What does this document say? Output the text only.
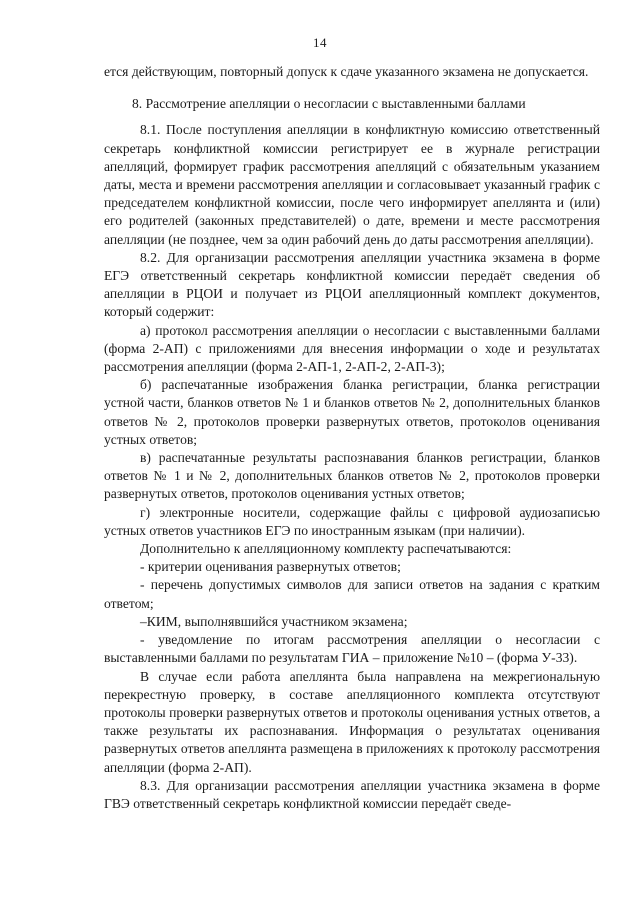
14

ется действующим, повторный допуск к сдаче указанного экзамена не допускается.

8. Рассмотрение апелляции о несогласии с выставленными баллами

8.1. После поступления апелляции в конфликтную комиссию ответственный секретарь конфликтной комиссии регистрирует ее в журнале регистрации апелляций, формирует график рассмотрения апелляций с обязательным указанием даты, места и времени рассмотрения апелляции и согласовывает указанный график с председателем конфликтной комиссии, после чего информирует апеллянта и (или) его родителей (законных представителей) о дате, времени и месте рассмотрения апелляции (не позднее, чем за один рабочий день до даты рассмотрения апелляции).

8.2. Для организации рассмотрения апелляции участника экзамена в форме ЕГЭ ответственный секретарь конфликтной комиссии передаёт сведения об апелляции в РЦОИ и получает из РЦОИ апелляционный комплект документов, который содержит:

а) протокол рассмотрения апелляции о несогласии с выставленными баллами (форма 2-АП) с приложениями для внесения информации о ходе и результатах рассмотрения апелляции (форма 2-АП-1, 2-АП-2, 2-АП-3);

б) распечатанные изображения бланка регистрации, бланка регистрации устной части, бланков ответов № 1 и бланков ответов № 2, дополнительных бланков ответов № 2, протоколов проверки развернутых ответов, протоколов оценивания устных ответов;

в) распечатанные результаты распознавания бланков регистрации, бланков ответов № 1 и № 2, дополнительных бланков ответов № 2, протоколов проверки развернутых ответов, протоколов оценивания устных ответов;

г) электронные носители, содержащие файлы с цифровой аудиозаписью устных ответов участников ЕГЭ по иностранным языкам (при наличии).

Дополнительно к апелляционному комплекту распечатываются:

- критерии оценивания развернутых ответов;

- перечень допустимых символов для записи ответов на задания с кратким ответом;

–КИМ, выполнявшийся участником экзамена;

- уведомление по итогам рассмотрения апелляции о несогласии с выставленными баллами по результатам ГИА – приложение №10 – (форма У-33).

В случае если работа апеллянта была направлена на межрегиональную перекрестную проверку, в составе апелляционного комплекта отсутствуют протоколы проверки развернутых ответов и протоколы оценивания устных ответов, а также результаты их распознавания. Информация о результатах оценивания развернутых ответов апеллянта размещена в приложениях к протоколу рассмотрения апелляции (форма 2-АП).

8.3. Для организации рассмотрения апелляции участника экзамена в форме ГВЭ ответственный секретарь конфликтной комиссии передаёт сведе-
